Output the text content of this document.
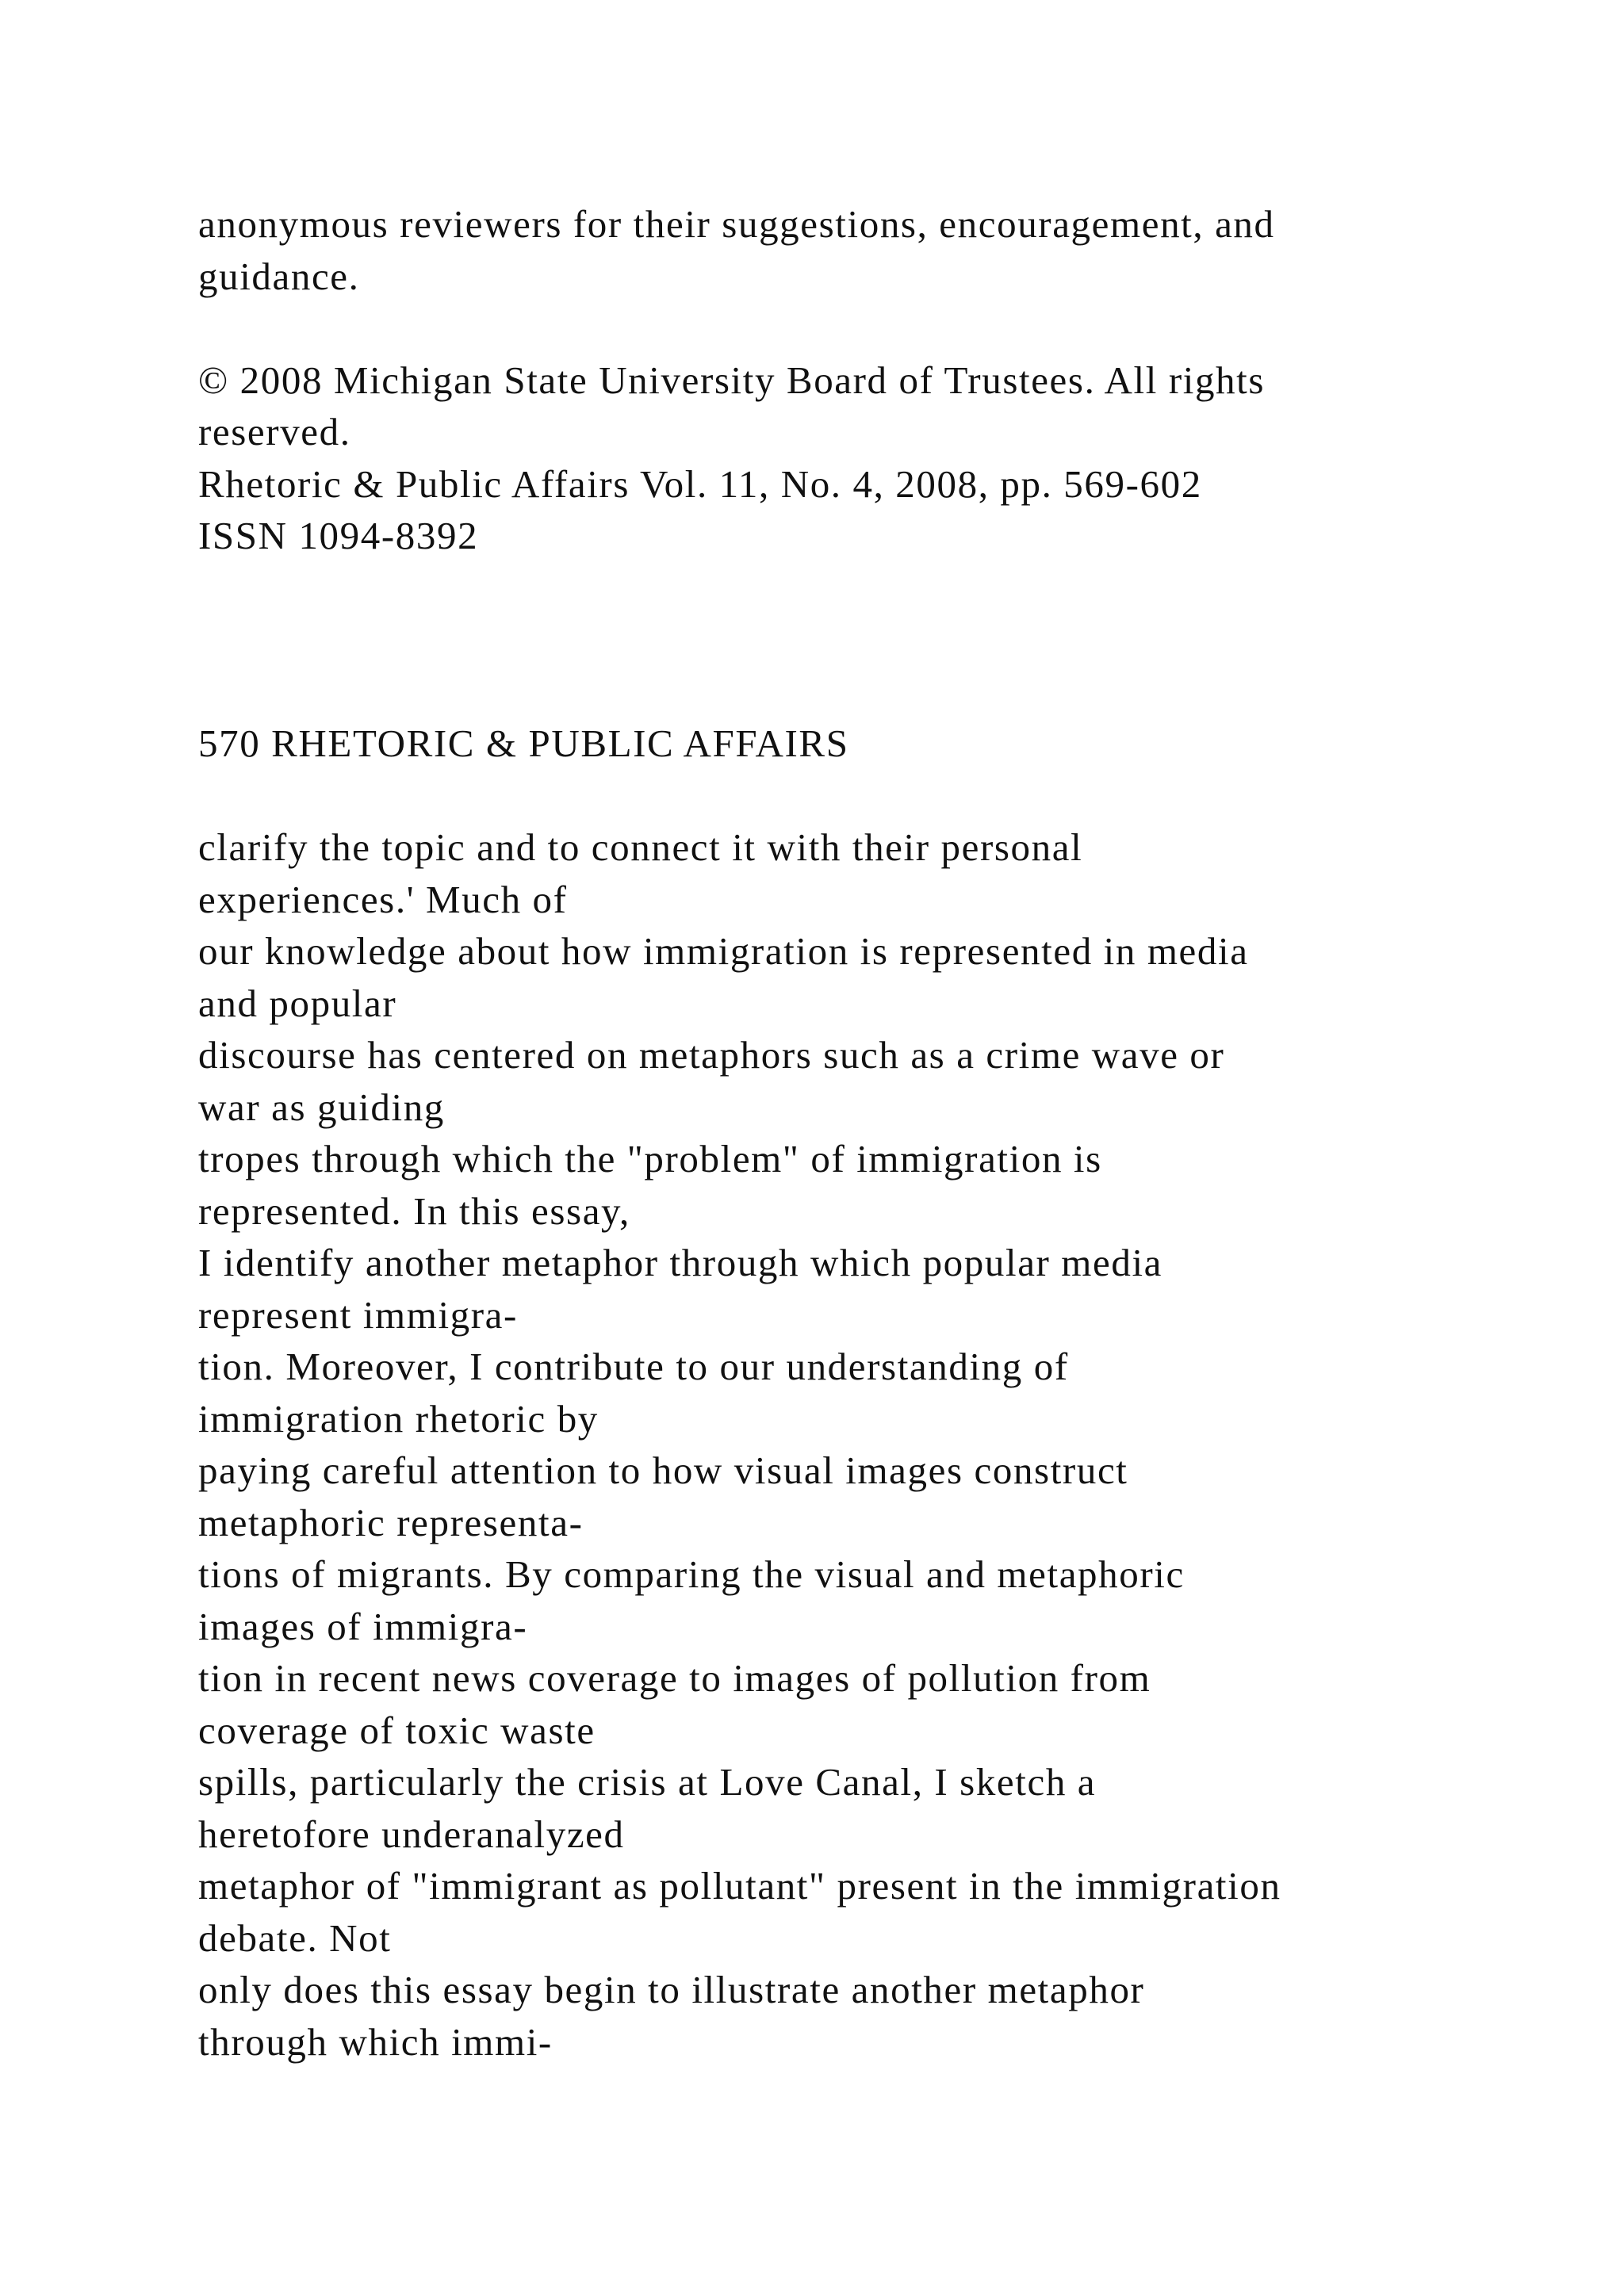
anonymous reviewers for their suggestions, encouragement, and
guidance.
© 2008 Michigan State University Board of Trustees. All rights
reserved.
Rhetoric & Public Affairs Vol. 11, No. 4, 2008, pp. 569-602
ISSN 1094-8392
570 RHETORIC & PUBLIC AFFAIRS
clarify the topic and to connect it with their personal
experiences.' Much of
our knowledge about how immigration is represented in media
and popular
discourse has centered on metaphors such as a crime wave or
war as guiding
tropes through which the "problem" of immigration is
represented. In this essay,
I identify another metaphor through which popular media
represent immigra-
tion. Moreover, I contribute to our understanding of
immigration rhetoric by
paying careful attention to how visual images construct
metaphoric representa-
tions of migrants. By comparing the visual and metaphoric
images of immigra-
tion in recent news coverage to images of pollution from
coverage of toxic waste
spills, particularly the crisis at Love Canal, I sketch a
heretofore underanalyzed
metaphor of "immigrant as pollutant" present in the immigration
debate. Not
only does this essay begin to illustrate another metaphor
through which immi-
